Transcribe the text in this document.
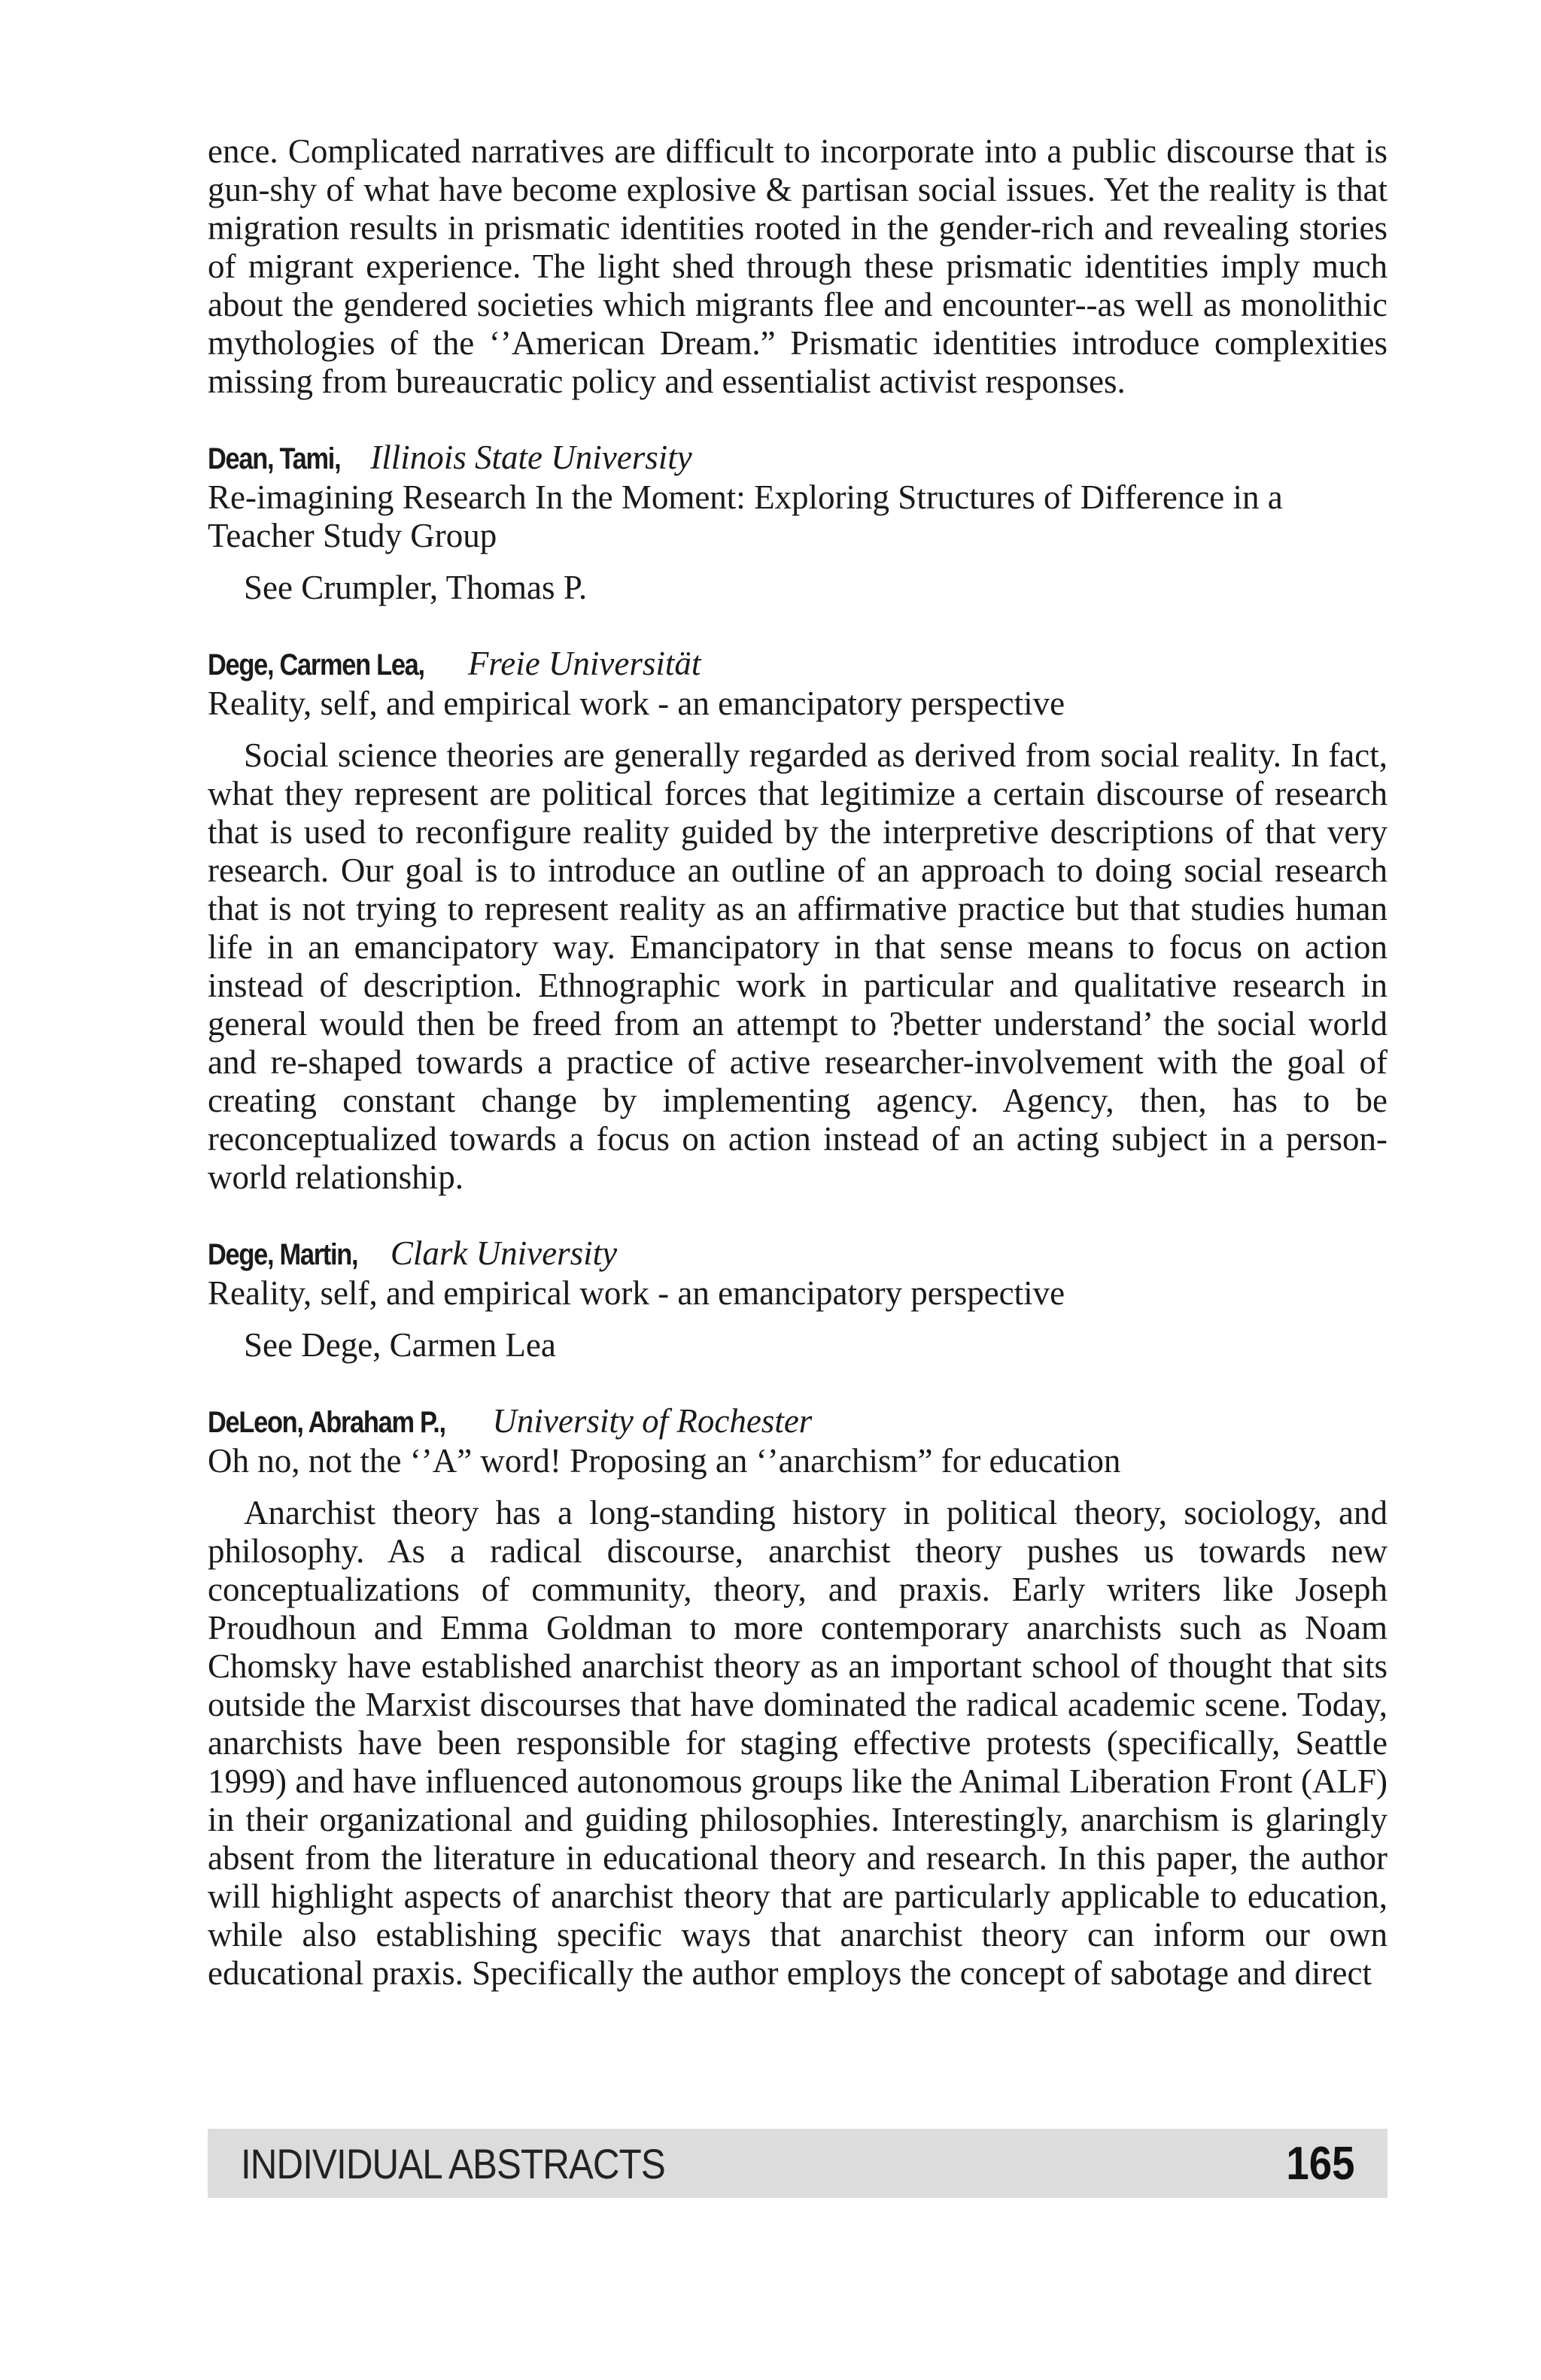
ence. Complicated narratives are difficult to incorporate into a public discourse that is gun-shy of what have become explosive & partisan social issues. Yet the reality is that migration results in prismatic identities rooted in the gender-rich and revealing stories of migrant experience. The light shed through these prismatic identities imply much about the gendered societies which migrants flee and encounter--as well as monolithic mythologies of the ‘’American Dream.” Prismatic identities introduce complexities missing from bureaucratic policy and essentialist activist responses.

Dean, Tami, Illinois State University

Re-imagining Research In the Moment: Exploring Structures of Difference in a Teacher Study Group

See Crumpler, Thomas P.

Dege, Carmen Lea, Freie Universität

Reality, self, and empirical work - an emancipatory perspective

Social science theories are generally regarded as derived from social reality. In fact, what they represent are political forces that legitimize a certain discourse of research that is used to reconfigure reality guided by the interpretive descriptions of that very research. Our goal is to introduce an outline of an approach to doing social research that is not trying to represent reality as an affirmative practice but that studies human life in an emancipatory way. Emancipatory in that sense means to focus on action instead of description. Ethnographic work in particular and qualitative research in general would then be freed from an attempt to ?better understand’ the social world and re-shaped towards a practice of active researcher-involvement with the goal of creating constant change by implementing agency. Agency, then, has to be reconceptualized towards a focus on action instead of an acting subject in a person-world relationship.

Dege, Martin, Clark University

Reality, self, and empirical work - an emancipatory perspective

See Dege, Carmen Lea

DeLeon, Abraham P., University of Rochester

Oh no, not the ‘’A” word! Proposing an ‘’anarchism” for education

Anarchist theory has a long-standing history in political theory, sociology, and philosophy. As a radical discourse, anarchist theory pushes us towards new conceptualizations of community, theory, and praxis. Early writers like Joseph Proudhoun and Emma Goldman to more contemporary anarchists such as Noam Chomsky have established anarchist theory as an important school of thought that sits outside the Marxist discourses that have dominated the radical academic scene. Today, anarchists have been responsible for staging effective protests (specifically, Seattle 1999) and have influenced autonomous groups like the Animal Liberation Front (ALF) in their organizational and guiding philosophies. Interestingly, anarchism is glaringly absent from the literature in educational theory and research. In this paper, the author will highlight aspects of anarchist theory that are particularly applicable to education, while also establishing specific ways that anarchist theory can inform our own educational praxis. Specifically the author employs the concept of sabotage and direct

INDIVIDUAL ABSTRACTS	165
